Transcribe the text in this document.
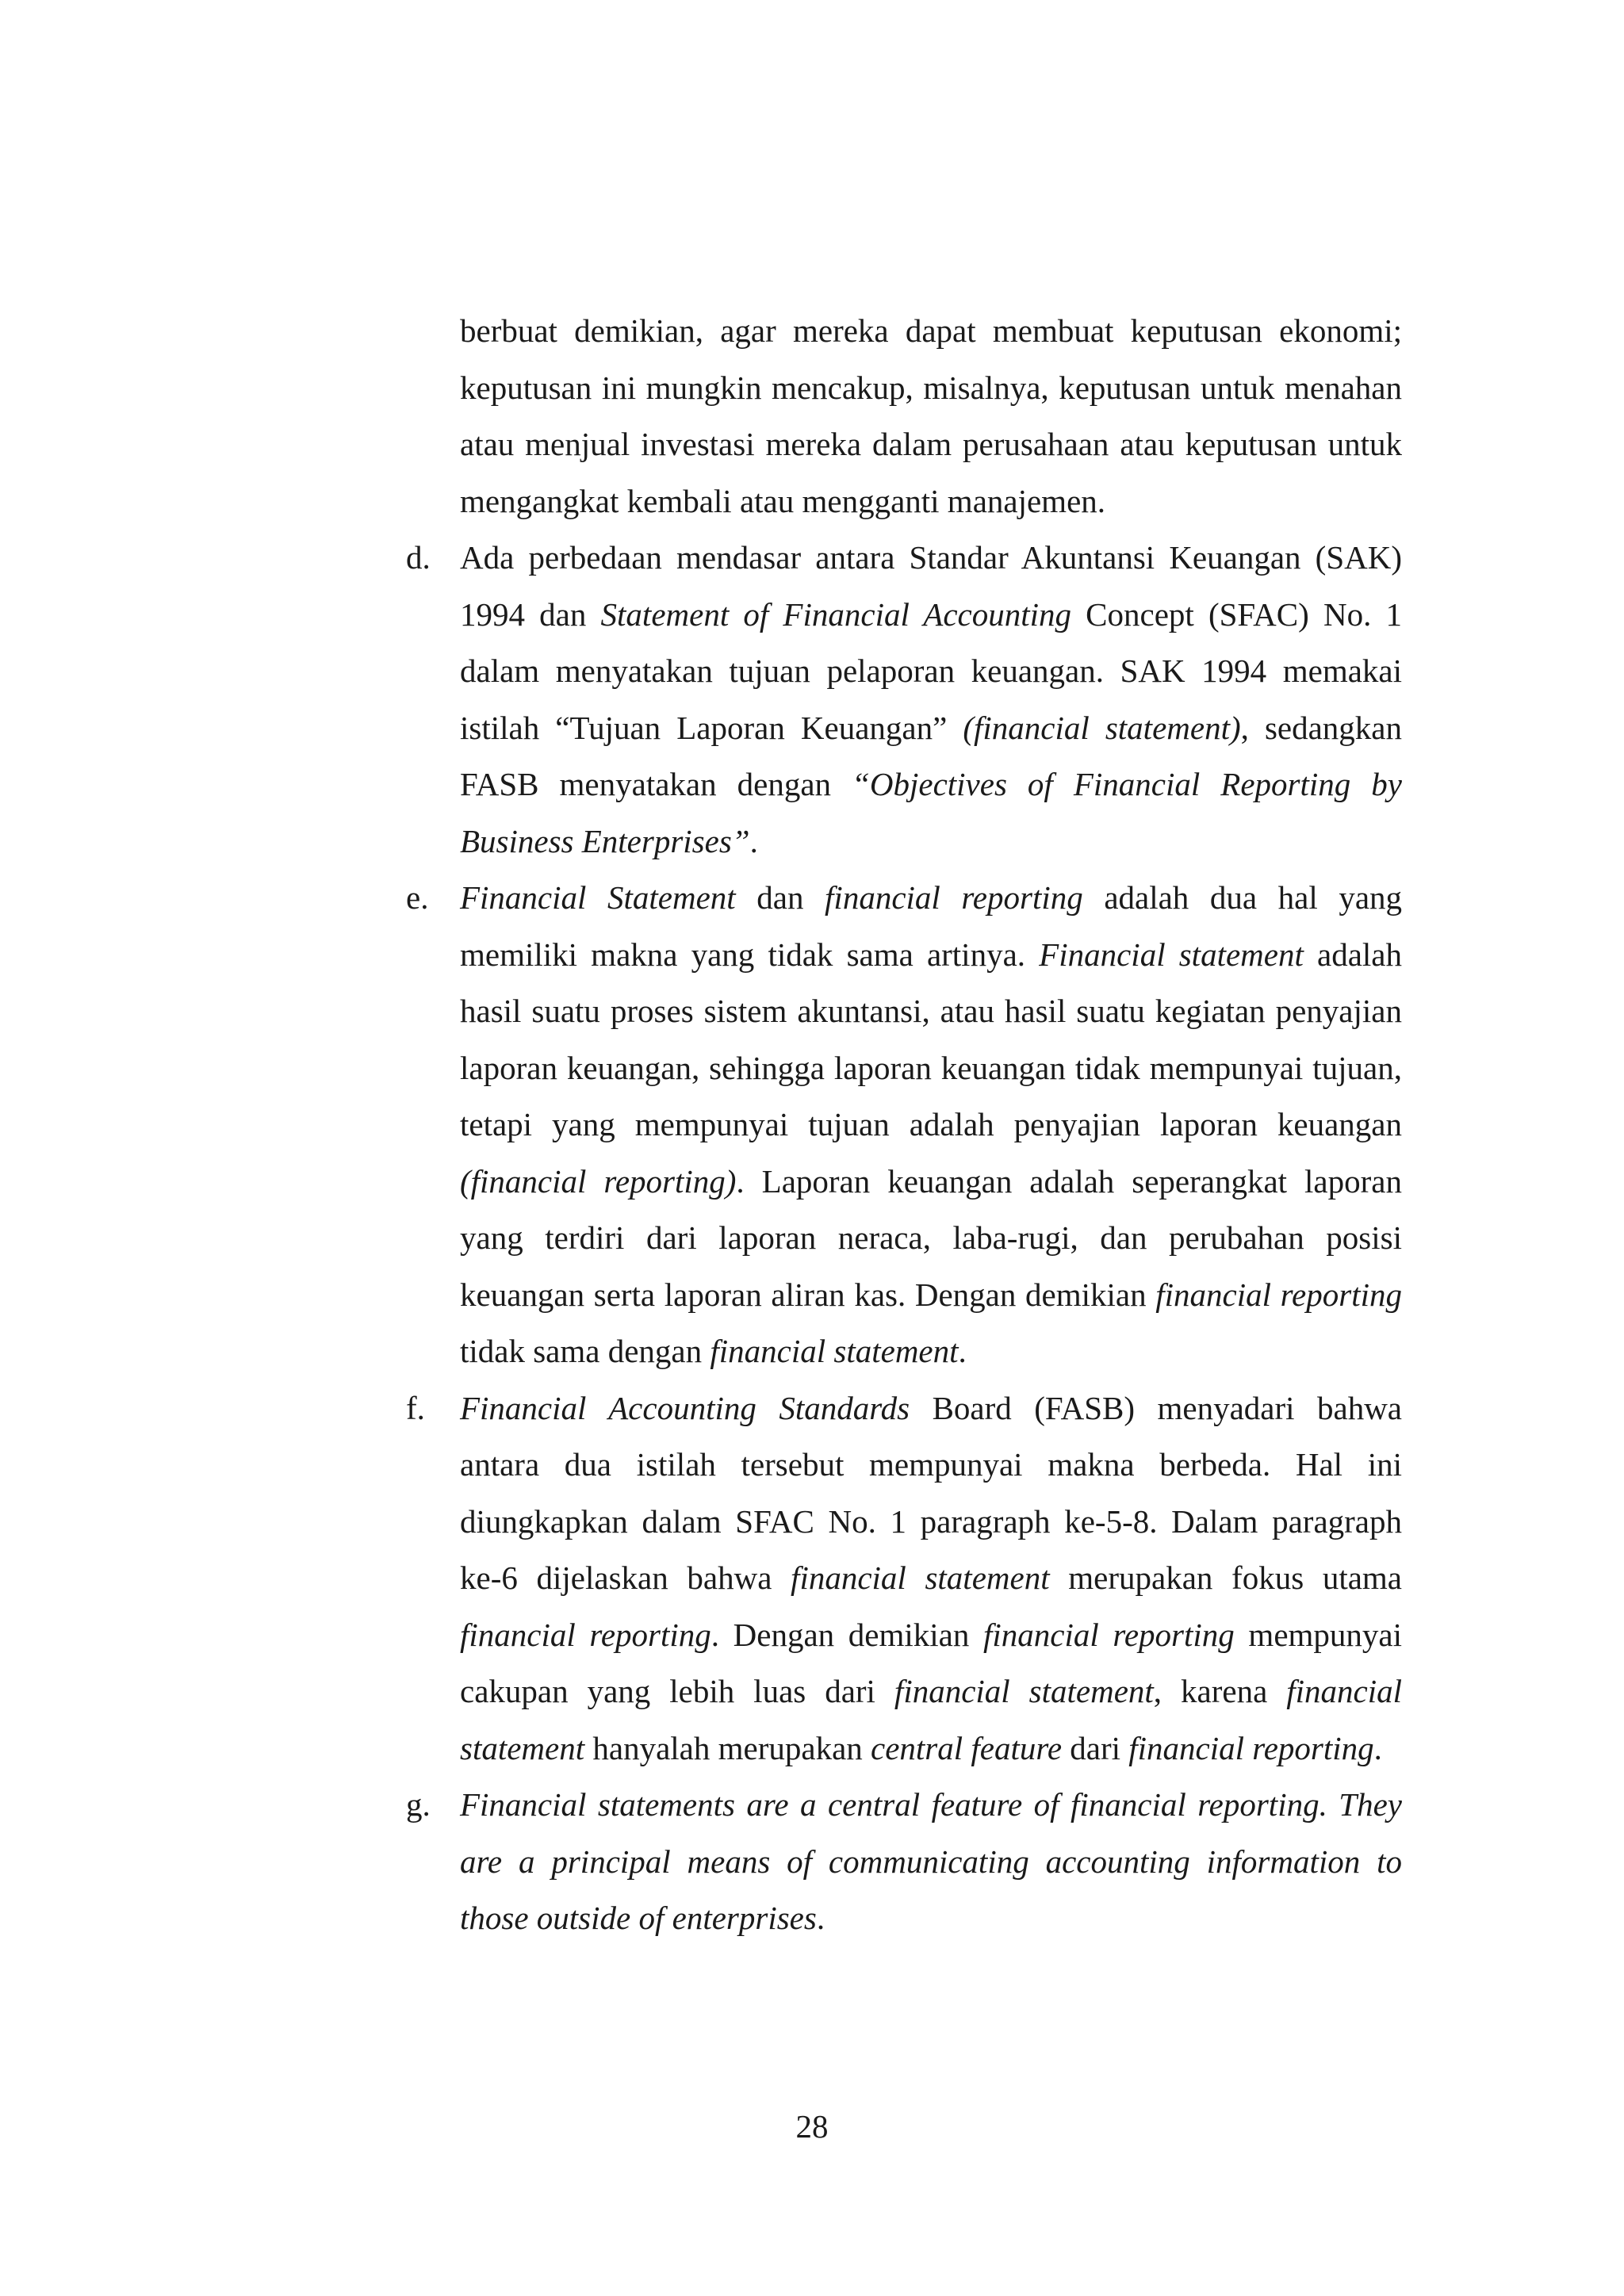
berbuat demikian, agar mereka dapat membuat keputusan ekonomi; keputusan ini mungkin mencakup, misalnya, keputusan untuk menahan atau menjual investasi mereka dalam perusahaan atau keputusan untuk mengangkat kembali atau mengganti manajemen.

d. Ada perbedaan mendasar antara Standar Akuntansi Keuangan (SAK) 1994 dan Statement of Financial Accounting Concept (SFAC) No. 1 dalam menyatakan tujuan pelaporan keuangan. SAK 1994 memakai istilah “Tujuan Laporan Keuangan” (financial statement), sedangkan FASB menyatakan dengan “Objectives of Financial Reporting by Business Enterprises”.
e. Financial Statement dan financial reporting adalah dua hal yang memiliki makna yang tidak sama artinya. Financial statement adalah hasil suatu proses sistem akuntansi, atau hasil suatu kegiatan penyajian laporan keuangan, sehingga laporan keuangan tidak mempunyai tujuan, tetapi yang mempunyai tujuan adalah penyajian laporan keuangan (financial reporting). Laporan keuangan adalah seperangkat laporan yang terdiri dari laporan neraca, laba-rugi, dan perubahan posisi keuangan serta laporan aliran kas. Dengan demikian financial reporting tidak sama dengan financial statement.
f. Financial Accounting Standards Board (FASB) menyadari bahwa antara dua istilah tersebut mempunyai makna berbeda. Hal ini diungkapkan dalam SFAC No. 1 paragraph ke-5-8. Dalam paragraph ke-6 dijelaskan bahwa financial statement merupakan fokus utama financial reporting. Dengan demikian financial reporting mempunyai cakupan yang lebih luas dari financial statement, karena financial statement hanyalah merupakan central feature dari financial reporting.
g. Financial statements are a central feature of financial reporting. They are a principal means of communicating accounting information to those outside of enterprises.
28
